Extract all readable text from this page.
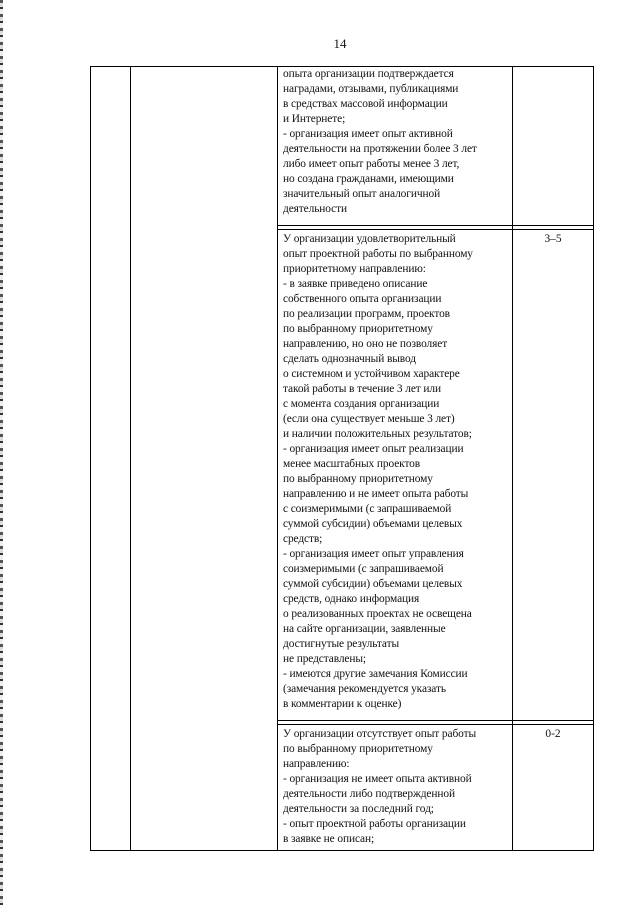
14
опыта организации подтверждается
наградами, отзывами, публикациями
в средствах массовой информации
и Интернете;
- организация имеет опыт активной
деятельности на протяжении более 3 лет
либо имеет опыт работы менее 3 лет,
но создана гражданами, имеющими
значительный опыт аналогичной
деятельности
У организации удовлетворительный
опыт проектной работы по выбранному
приоритетному направлению:
- в заявке приведено описание
собственного опыта организации
по реализации программ, проектов
по выбранному приоритетному
направлению, но оно не позволяет
сделать однозначный вывод
о системном и устойчивом характере
такой работы в течение 3 лет или
с момента создания организации
(если она существует меньше 3 лет)
и наличии положительных результатов;
- организация имеет опыт реализации
менее масштабных проектов
по выбранному приоритетному
направлению и не имеет опыта работы
с соизмеримыми (с запрашиваемой
суммой субсидии) объемами целевых
средств;
- организация имеет опыт управления
соизмеримыми (с запрашиваемой
суммой субсидии) объемами целевых
средств, однако информация
о реализованных проектах не освещена
на сайте организации, заявленные
достигнутые результаты
не представлены;
- имеются другие замечания Комиссии
(замечания рекомендуется указать
в комментарии к оценке)
3–5
У организации отсутствует опыт работы
по выбранному приоритетному
направлению:
- организация не имеет опыта активной
деятельности либо подтвержденной
деятельности за последний год;
- опыт проектной работы организации
в заявке не описан;
0-2
